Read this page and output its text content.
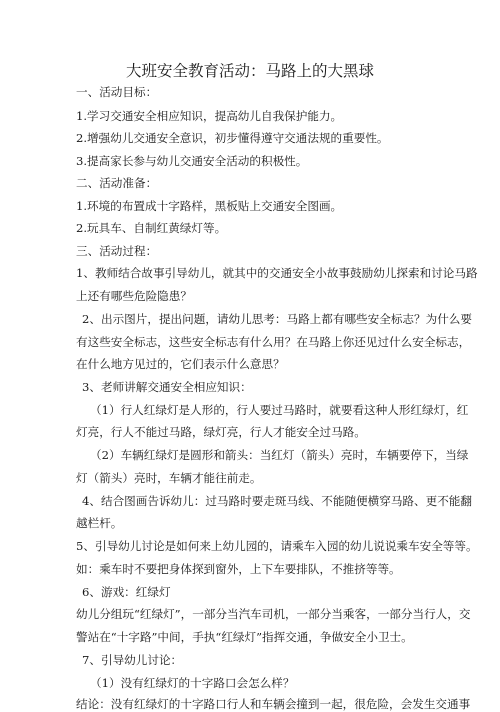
大班安全教育活动：马路上的大黑球
一、活动目标：
1.学习交通安全相应知识，提高幼儿自我保护能力。
2.增强幼儿交通安全意识，初步懂得遵守交通法规的重要性。
3.提高家长参与幼儿交通安全活动的积极性。
二、活动准备：
1.环境的布置成十字路样，黑板贴上交通安全图画。
2.玩具车、自制红黄绿灯等。
三、活动过程：
1、教师结合故事引导幼儿，就其中的交通安全小故事鼓励幼儿探索和讨论马路
上还有哪些危险隐患？
2、出示图片，提出问题，请幼儿思考：马路上都有哪些安全标志？为什么要
有这些安全标志，这些安全标志有什么用？在马路上你还见过什么安全标志，
在什么地方见过的，它们表示什么意思？
3、老师讲解交通安全相应知识：
（1）行人红绿灯是人形的，行人要过马路时，就要看这种人形红绿灯，红
灯亮，行人不能过马路，绿灯亮，行人才能安全过马路。
（2）车辆红绿灯是圆形和箭头：当红灯（箭头）亮时，车辆要停下，当绿
灯（箭头）亮时，车辆才能往前走。
4、结合图画告诉幼儿：过马路时要走斑马线、不能随便横穿马路、更不能翻
越栏杆。
5、引导幼儿讨论是如何来上幼儿园的，请乘车入园的幼儿说说乘车安全等等。
如：乘车时不要把身体探到窗外，上下车要排队，不推挤等等。
6、游戏：红绿灯
幼儿分组玩“红绿灯”，一部分当汽车司机，一部分当乘客，一部分当行人，交
警站在“十字路”中间，手执“红绿灯”指挥交通，争做安全小卫士。
7、引导幼儿讨论：
（1）没有红绿灯的十字路口会怎么样？
结论：没有红绿灯的十字路口行人和车辆会撞到一起，很危险，会发生交通事
